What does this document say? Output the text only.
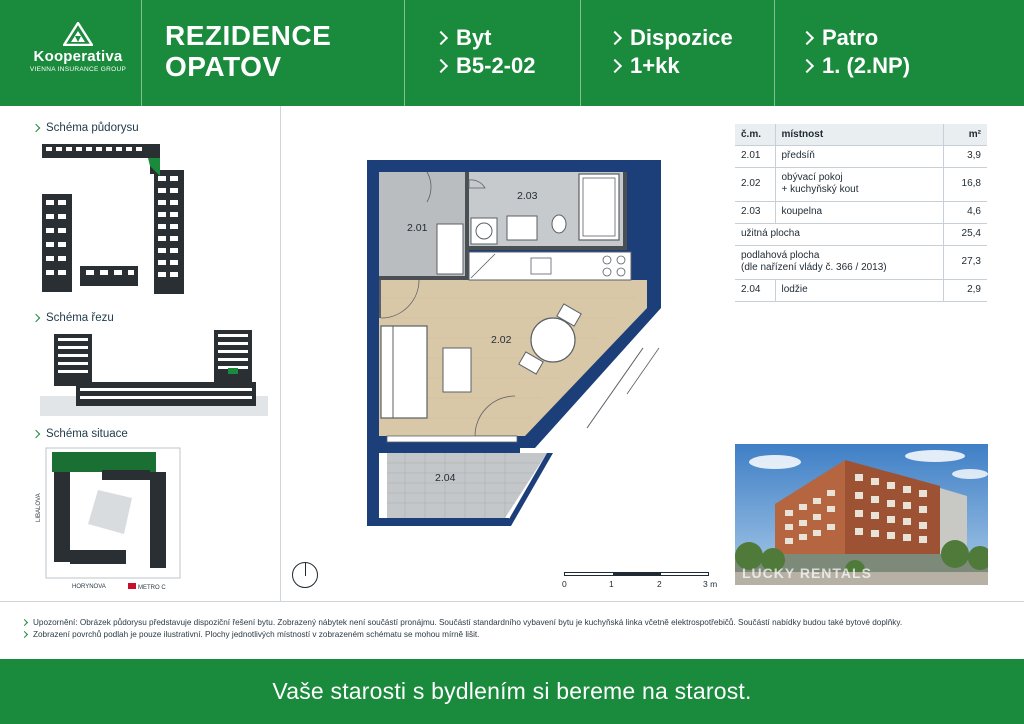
Kooperativa
VIENNA INSURANCE GROUP
REZIDENCE
OPATOV
Byt
B5-2-02
Dispozice
1+kk
Patro
1. (2.NP)
Schéma půdorysu
Schéma řezu
Schéma situace
LIBALOVA
HORYNOVA	METRO C
2.01
2.03
2.02
2.04
0	1	2	3 m
č.m.	místnost	m²
2.01	předsíň	3,9
2.02	obývací pokoj
+ kuchyňský kout	16,8
2.03	koupelna	4,6
užitná plocha		25,4

podlahová plocha
(dle nařízení vlády č. 366 / 2013)		27,3
2.04	lodžie	2,9
LUCKY RENTALS
Upozornění: Obrázek půdorysu představuje dispoziční řešení bytu. Zobrazený nábytek není součástí pronájmu. Součástí standardního vybavení bytu je kuchyňská linka včetně elektrospotřebičů. Součástí nabídky budou také bytové doplňky.
Zobrazení povrchů podlah je pouze ilustrativní. Plochy jednotlivých místností v zobrazeném schématu se mohou mírně lišit.
Vaše starosti s bydlením si bereme na starost.
